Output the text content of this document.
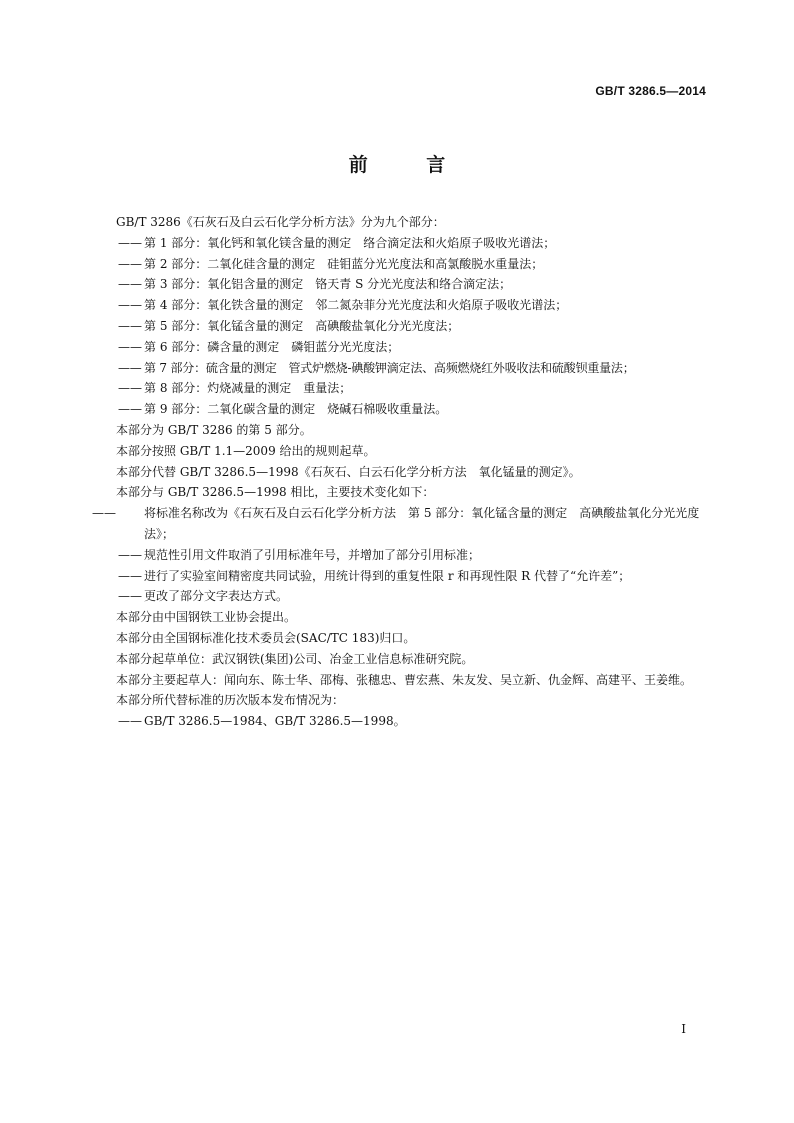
GB/T 3286.5—2014
前 言

GB/T 3286《石灰石及白云石化学分析方法》分为九个部分：

—— 第 1 部分：氧化钙和氧化镁含量的测定　络合滴定法和火焰原子吸收光谱法；

—— 第 2 部分：二氧化硅含量的测定　硅钼蓝分光光度法和高氯酸脱水重量法；

—— 第 3 部分：氧化铝含量的测定　铬天青 S 分光光度法和络合滴定法；

—— 第 4 部分：氧化铁含量的测定　邻二氮杂菲分光光度法和火焰原子吸收光谱法；

—— 第 5 部分：氧化锰含量的测定　高碘酸盐氧化分光光度法；

—— 第 6 部分：磷含量的测定　磷钼蓝分光光度法；

—— 第 7 部分：硫含量的测定　管式炉燃烧-碘酸钾滴定法、高频燃烧红外吸收法和硫酸钡重量法；

—— 第 8 部分：灼烧减量的测定　重量法；

—— 第 9 部分：二氧化碳含量的测定　烧碱石棉吸收重量法。

本部分为 GB/T 3286 的第 5 部分。

本部分按照 GB/T 1.1—2009 给出的规则起草。

本部分代替 GB/T 3286.5—1998《石灰石、白云石化学分析方法　氧化锰量的测定》。

本部分与 GB/T 3286.5—1998 相比，主要技术变化如下：

—— 将标准名称改为《石灰石及白云石化学分析方法　第 5 部分：氧化锰含量的测定　高碘酸盐氧化分光光度法》；

—— 规范性引用文件取消了引用标准年号，并增加了部分引用标准；

—— 进行了实验室间精密度共同试验，用统计得到的重复性限 r 和再现性限 R 代替了“允许差”；

—— 更改了部分文字表达方式。

本部分由中国钢铁工业协会提出。

本部分由全国钢标准化技术委员会(SAC/TC 183)归口。

本部分起草单位：武汉钢铁(集团)公司、冶金工业信息标准研究院。

本部分主要起草人：闻向东、陈士华、邵梅、张穗忠、曹宏燕、朱友发、吴立新、仇金辉、高建平、王姜维。

本部分所代替标准的历次版本发布情况为：

—— GB/T 3286.5—1984、GB/T 3286.5—1998。

I
